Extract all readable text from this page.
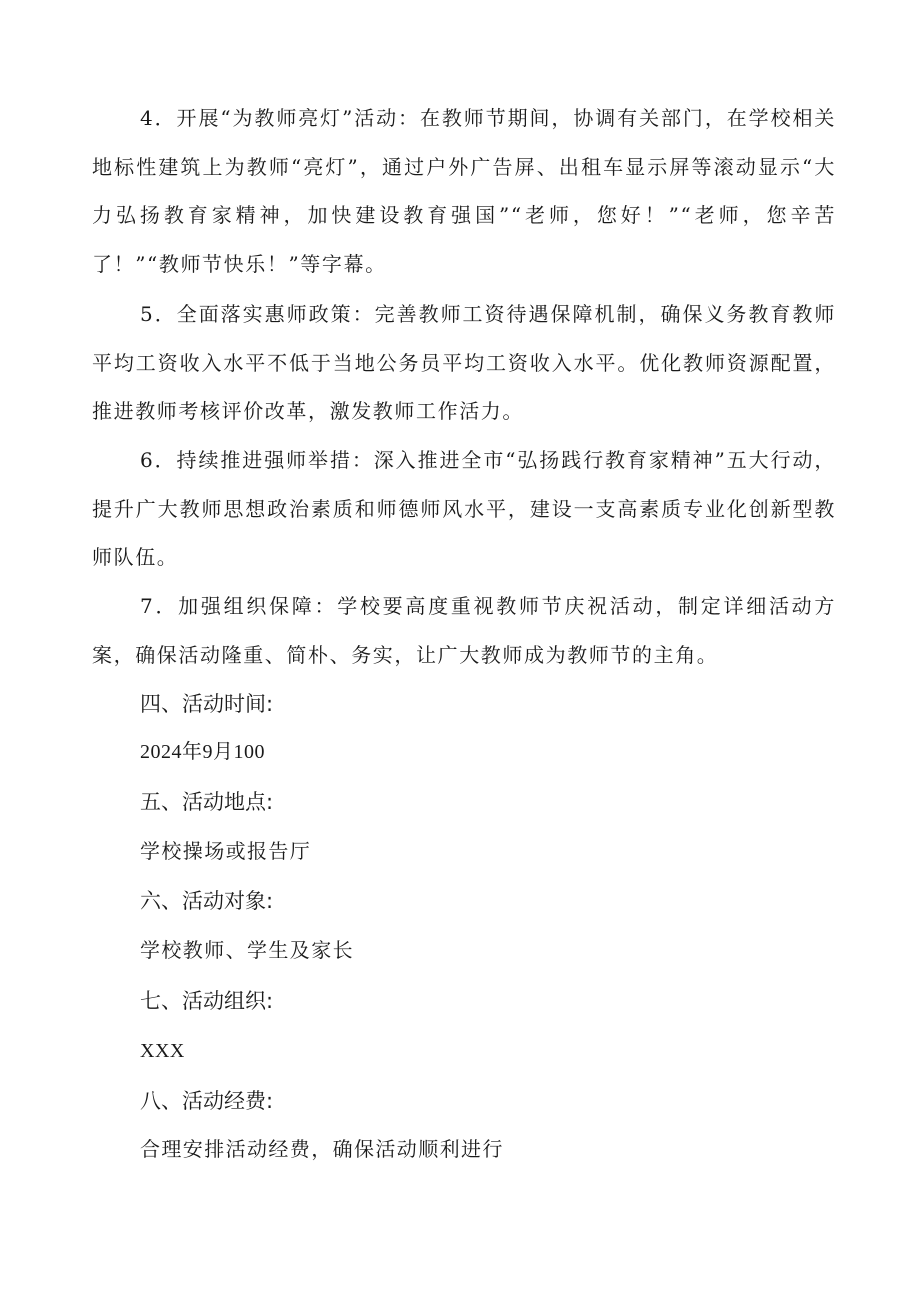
4．开展“为教师亮灯”活动：在教师节期间，协调有关部门，在学校相关地标性建筑上为教师“亮灯”，通过户外广告屏、出租车显示屏等滚动显示“大力弘扬教育家精神，加快建设教育强国”“老师，您好！”“老师，您辛苦了！”“教师节快乐！”等字幕。

5．全面落实惠师政策：完善教师工资待遇保障机制，确保义务教育教师平均工资收入水平不低于当地公务员平均工资收入水平。优化教师资源配置，推进教师考核评价改革，激发教师工作活力。

6．持续推进强师举措：深入推进全市“弘扬践行教育家精神”五大行动，提升广大教师思想政治素质和师德师风水平，建设一支高素质专业化创新型教师队伍。

7．加强组织保障：学校要高度重视教师节庆祝活动，制定详细活动方案，确保活动隆重、简朴、务实，让广大教师成为教师节的主角。

四、活动时间:

2024年9月100

五、活动地点:

学校操场或报告厅

六、活动对象:

学校教师、学生及家长

七、活动组织:

XXX

八、活动经费:

合理安排活动经费，确保活动顺利进行
